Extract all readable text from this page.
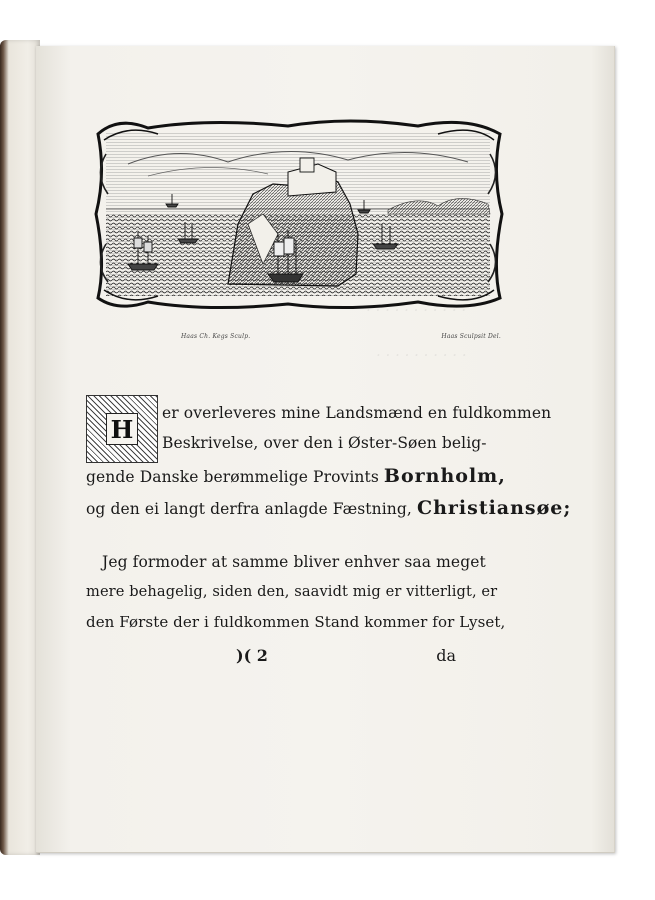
· · · · · · · · · · ·
· · · · · · · · · ·
Haas Ch. Kegs Sculp.	Haas Sculpsit Del.
H
er overleveres mine Landsmænd en fuldkommen
Beskrivelse, over den i Øster-Søen belig-
gende Danske berømmelige Provints Bornholm,
og den ei langt derfra anlagde Fæstning, Christiansøe;
Jeg formoder at samme bliver enhver saa meget
mere behagelig, siden den, saavidt mig er vitterligt, er
den Første der i fuldkommen Stand kommer for Lyset,
)( 2	da
